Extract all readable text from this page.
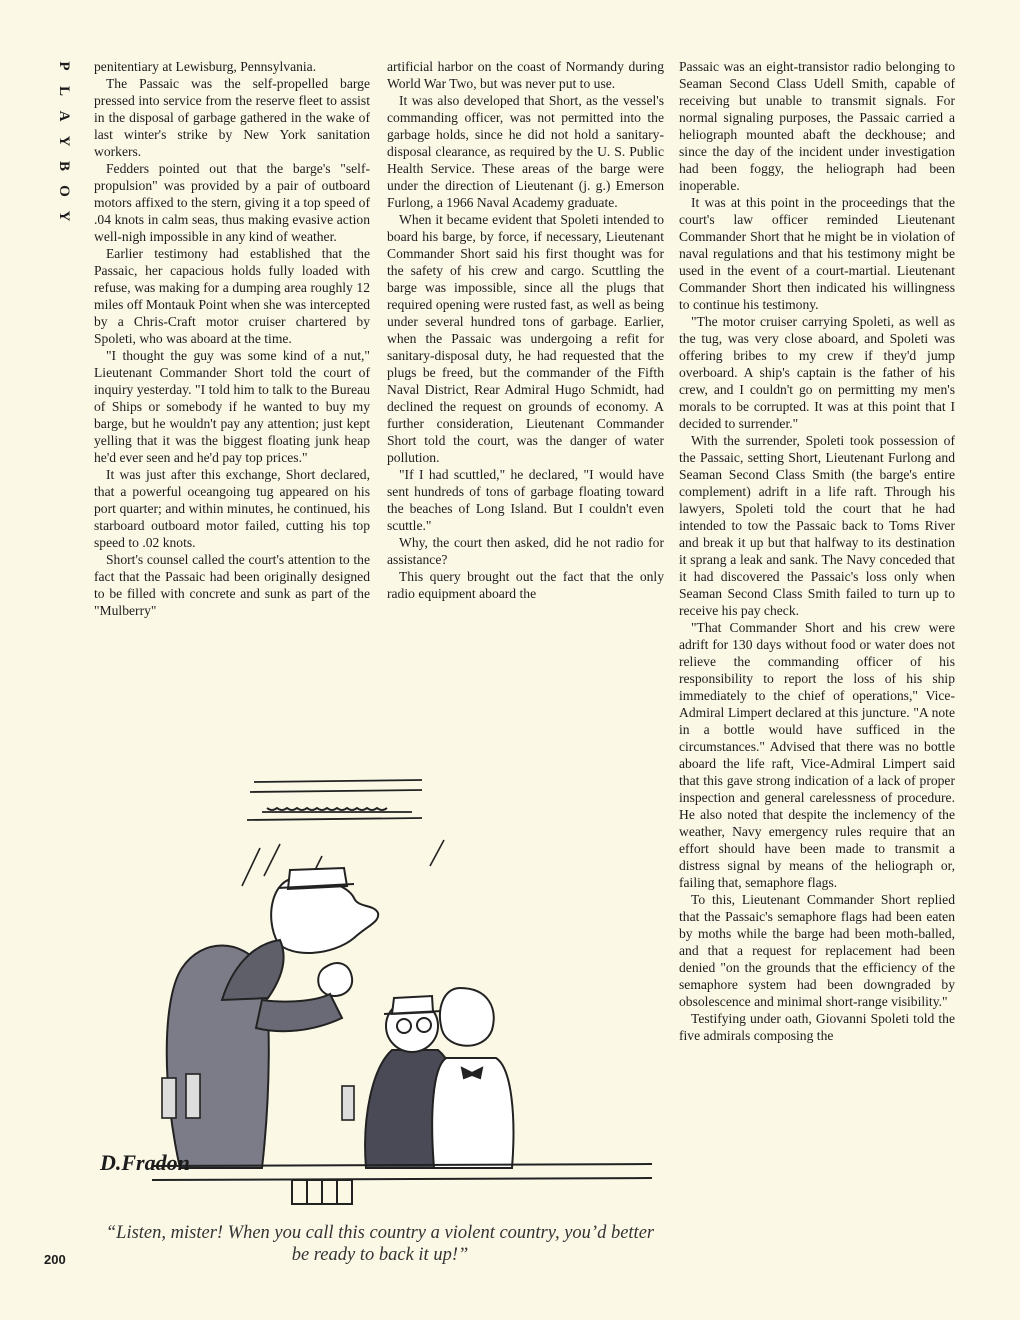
P
L
A
Y
B
O
Y

penitentiary at Lewisburg, Pennsylvania.

The Passaic was the self-propelled barge pressed into service from the reserve fleet to assist in the disposal of garbage gathered in the wake of last winter's strike by New York sanitation workers.

Fedders pointed out that the barge's "self-propulsion" was provided by a pair of outboard motors affixed to the stern, giving it a top speed of .04 knots in calm seas, thus making evasive action well-nigh impossible in any kind of weather.

Earlier testimony had established that the Passaic, her capacious holds fully loaded with refuse, was making for a dumping area roughly 12 miles off Montauk Point when she was intercepted by a Chris-Craft motor cruiser chartered by Spoleti, who was aboard at the time.

"I thought the guy was some kind of a nut," Lieutenant Commander Short told the court of inquiry yesterday. "I told him to talk to the Bureau of Ships or somebody if he wanted to buy my barge, but he wouldn't pay any attention; just kept yelling that it was the biggest floating junk heap he'd ever seen and he'd pay top prices."

It was just after this exchange, Short declared, that a powerful oceangoing tug appeared on his port quarter; and within minutes, he continued, his starboard outboard motor failed, cutting his top speed to .02 knots.

Short's counsel called the court's attention to the fact that the Passaic had been originally designed to be filled with concrete and sunk as part of the "Mulberry"

artificial harbor on the coast of Normandy during World War Two, but was never put to use.

It was also developed that Short, as the vessel's commanding officer, was not permitted into the garbage holds, since he did not hold a sanitary-disposal clearance, as required by the U. S. Public Health Service. These areas of the barge were under the direction of Lieutenant (j. g.) Emerson Furlong, a 1966 Naval Academy graduate.

When it became evident that Spoleti intended to board his barge, by force, if necessary, Lieutenant Commander Short said his first thought was for the safety of his crew and cargo. Scuttling the barge was impossible, since all the plugs that required opening were rusted fast, as well as being under several hundred tons of garbage. Earlier, when the Passaic was undergoing a refit for sanitary-disposal duty, he had requested that the plugs be freed, but the commander of the Fifth Naval District, Rear Admiral Hugo Schmidt, had declined the request on grounds of economy. A further consideration, Lieutenant Commander Short told the court, was the danger of water pollution.

"If I had scuttled," he declared, "I would have sent hundreds of tons of garbage floating toward the beaches of Long Island. But I couldn't even scuttle."

Why, the court then asked, did he not radio for assistance?

This query brought out the fact that the only radio equipment aboard the

Passaic was an eight-transistor radio belonging to Seaman Second Class Udell Smith, capable of receiving but unable to transmit signals. For normal signaling purposes, the Passaic carried a heliograph mounted abaft the deckhouse; and since the day of the incident under investigation had been foggy, the heliograph had been inoperable.

It was at this point in the proceedings that the court's law officer reminded Lieutenant Commander Short that he might be in violation of naval regulations and that his testimony might be used in the event of a court-martial. Lieutenant Commander Short then indicated his willingness to continue his testimony.

"The motor cruiser carrying Spoleti, as well as the tug, was very close aboard, and Spoleti was offering bribes to my crew if they'd jump overboard. A ship's captain is the father of his crew, and I couldn't go on permitting my men's morals to be corrupted. It was at this point that I decided to surrender."

With the surrender, Spoleti took possession of the Passaic, setting Short, Lieutenant Furlong and Seaman Second Class Smith (the barge's entire complement) adrift in a life raft. Through his lawyers, Spoleti told the court that he had intended to tow the Passaic back to Toms River and break it up but that halfway to its destination it sprang a leak and sank. The Navy conceded that it had discovered the Passaic's loss only when Seaman Second Class Smith failed to turn up to receive his pay check.

"That Commander Short and his crew were adrift for 130 days without food or water does not relieve the commanding officer of his responsibility to report the loss of his ship immediately to the chief of operations," Vice-Admiral Limpert declared at this juncture. "A note in a bottle would have sufficed in the circumstances." Advised that there was no bottle aboard the life raft, Vice-Admiral Limpert said that this gave strong indication of a lack of proper inspection and general carelessness of procedure. He also noted that despite the inclemency of the weather, Navy emergency rules require that an effort should have been made to transmit a distress signal by means of the heliograph or, failing that, semaphore flags.

To this, Lieutenant Commander Short replied that the Passaic's semaphore flags had been eaten by moths while the barge had been moth-balled, and that a request for replacement had been denied "on the grounds that the efficiency of the semaphore system had been downgraded by obsolescence and minimal short-range visibility."

Testifying under oath, Giovanni Spoleti told the five admirals composing the

D.Fradon
“Listen, mister! When you call this country a violent country, you’d better be ready to back it up!”
200
